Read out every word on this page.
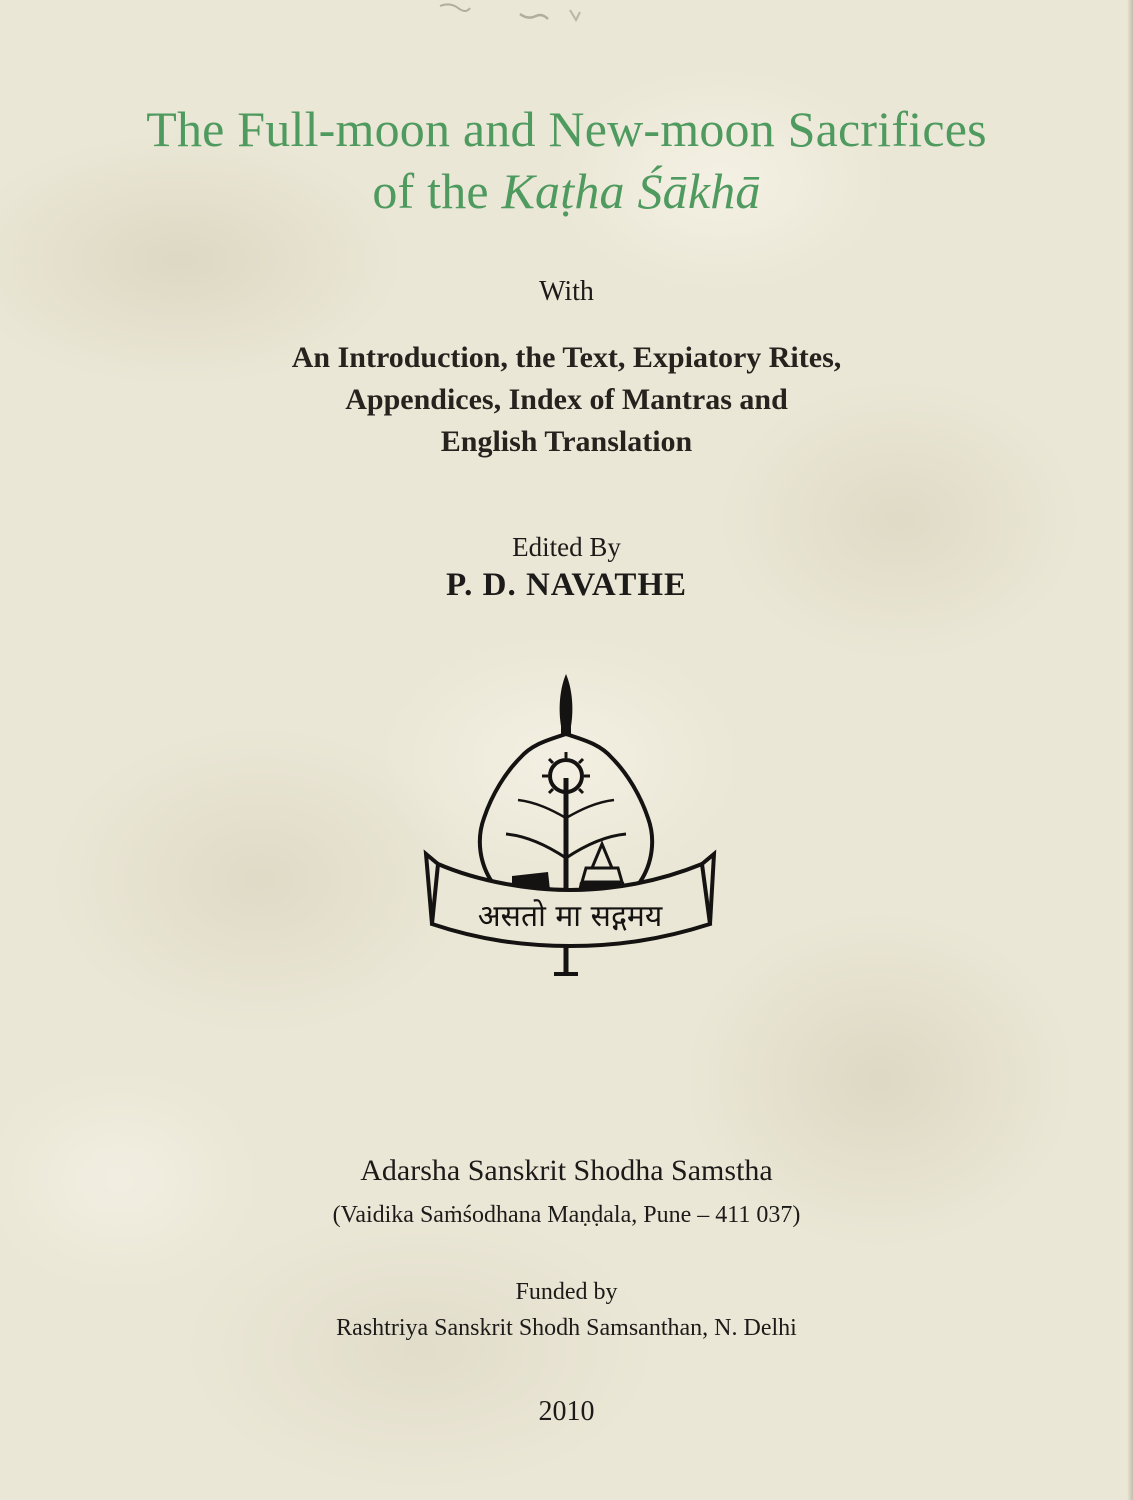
The Full-moon and New-moon Sacrifices
of the Kaṭha Śākhā
With
An Introduction, the Text, Expiatory Rites,
Appendices, Index of Mantras and
English Translation
Edited By
P. D. NAVATHE
असतो मा सद्गमय
Adarsha Sanskrit Shodha Samstha
(Vaidika Saṁśodhana Maṇḍala, Pune – 411 037)
Funded by
Rashtriya Sanskrit Shodh Samsanthan, N. Delhi
2010
